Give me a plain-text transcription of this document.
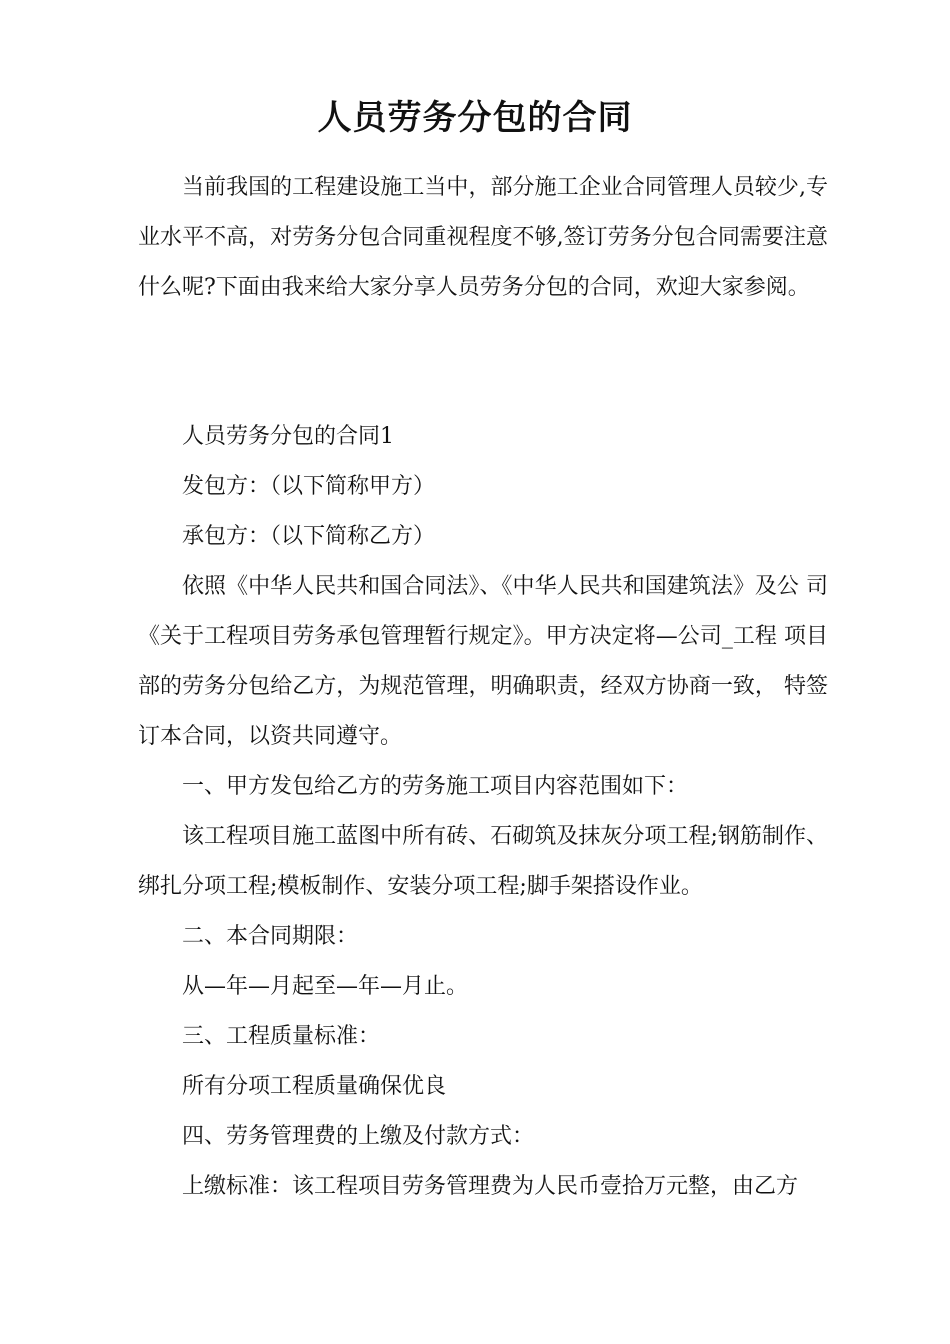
人员劳务分包的合同

当前我国的工程建设施工当中，部分施工企业合同管理人员较少,专业水平不高，对劳务分包合同重视程度不够,签订劳务分包合同需要注意什么呢?下面由我来给大家分享人员劳务分包的合同，欢迎大家参阅。

人员劳务分包的合同1

发包方：（以下简称甲方）

承包方：（以下简称乙方）

依照《中华人民共和国合同法》、《中华人民共和国建筑法》及公 司《关于工程项目劳务承包管理暂行规定》。甲方决定将—公司_工程 项目部的劳务分包给乙方，为规范管理，明确职责，经双方协商一致， 特签订本合同，以资共同遵守。

一、甲方发包给乙方的劳务施工项目内容范围如下：

该工程项目施工蓝图中所有砖、石砌筑及抹灰分项工程;钢筋制作、绑扎分项工程;模板制作、安装分项工程;脚手架搭设作业。

二、本合同期限：

从—年—月起至—年—月止。

三、工程质量标准：

所有分项工程质量确保优良

四、劳务管理费的上缴及付款方式：

上缴标准：该工程项目劳务管理费为人民币壹拾万元整，由乙方
